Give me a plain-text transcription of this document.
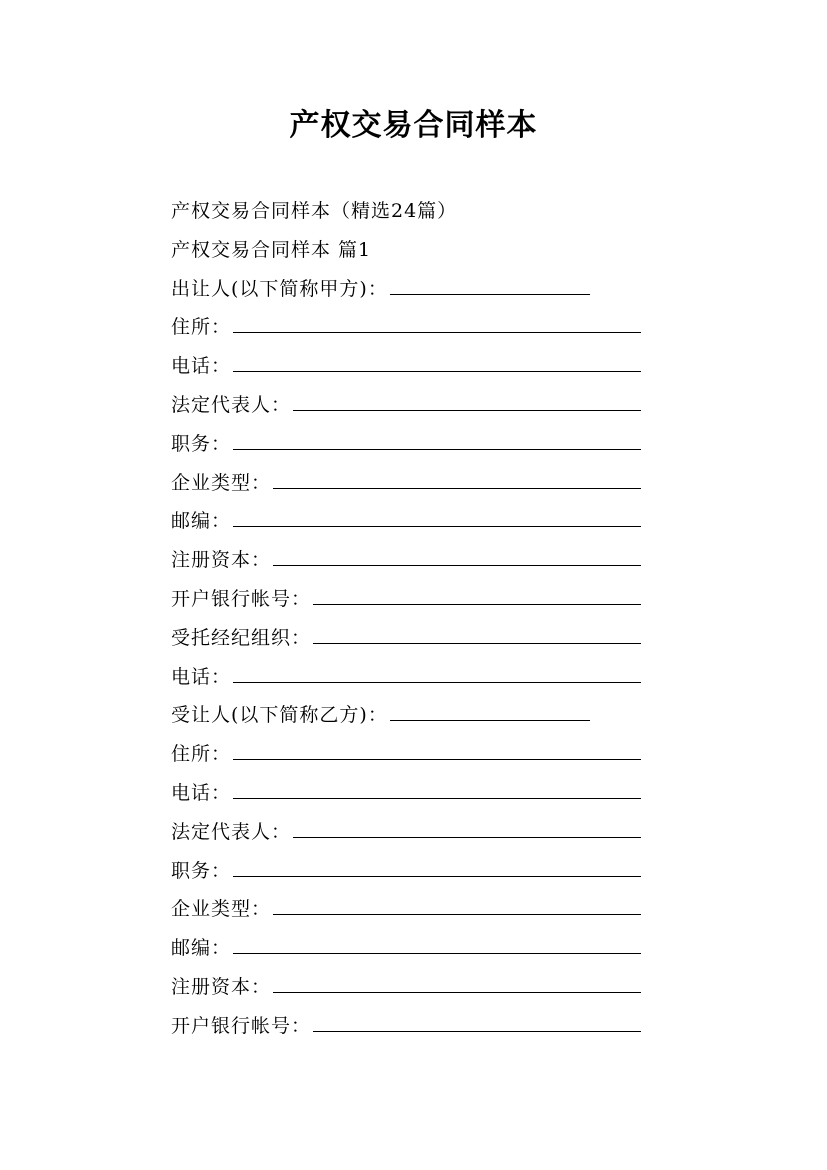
产权交易合同样本
产权交易合同样本（精选24篇）
产权交易合同样本 篇1
出让人(以下简称甲方)：
住所：
电话：
法定代表人：
职务：
企业类型：
邮编：
注册资本：
开户银行帐号：
受托经纪组织：
电话：
受让人(以下简称乙方)：
住所：
电话：
法定代表人：
职务：
企业类型：
邮编：
注册资本：
开户银行帐号：
